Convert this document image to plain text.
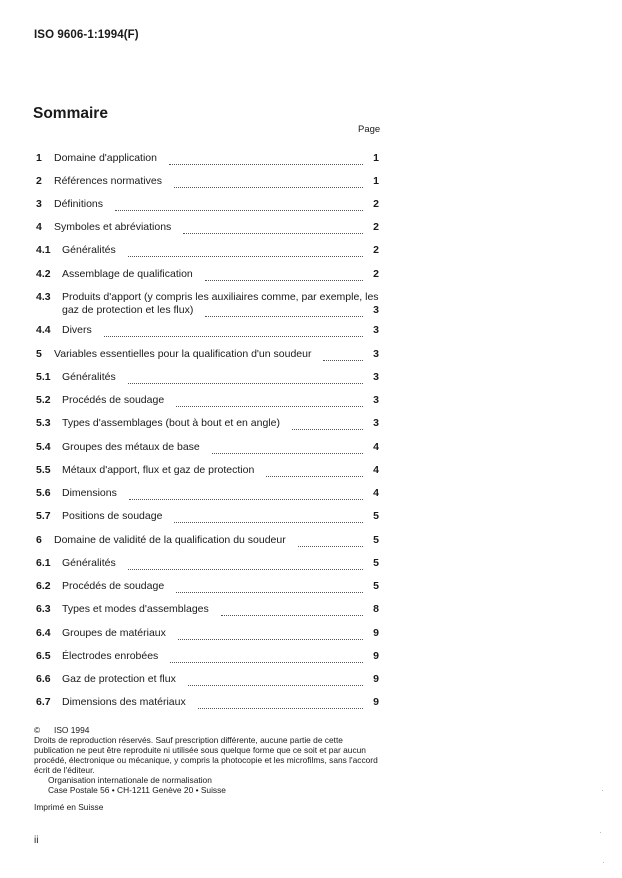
ISO 9606-1:1994(F)
Sommaire
Page
1 Domaine d'application	1
2 Références normatives	1
3 Définitions	2
4 Symboles et abréviations	2
4.1 Généralités	2
4.2 Assemblage de qualification	2
4.3 Produits d'apport (y compris les auxiliaires comme, par exemple, les
gaz de protection et les flux)	3
4.4 Divers	3
5 Variables essentielles pour la qualification d'un soudeur	3
5.1 Généralités	3
5.2 Procédés de soudage	3
5.3 Types d'assemblages (bout à bout et en angle)	3
5.4 Groupes des métaux de base	4
5.5 Métaux d'apport, flux et gaz de protection	4
5.6 Dimensions	4
5.7 Positions de soudage	5
6 Domaine de validité de la qualification du soudeur	5
6.1 Généralités	5
6.2 Procédés de soudage	5
6.3 Types et modes d'assemblages	8
6.4 Groupes de matériaux	9
6.5 Électrodes enrobées	9
6.6 Gaz de protection et flux	9
6.7 Dimensions des matériaux	9

© ISO 1994

Droits de reproduction réservés. Sauf prescription différente, aucune partie de cette publication ne peut être reproduite ni utilisée sous quelque forme que ce soit et par aucun procédé, électronique ou mécanique, y compris la photocopie et les microfilms, sans l'accord écrit de l'éditeur.

Organisation internationale de normalisation

Case Postale 56 • CH-1211 Genève 20 • Suisse

Imprimé en Suisse

ii
